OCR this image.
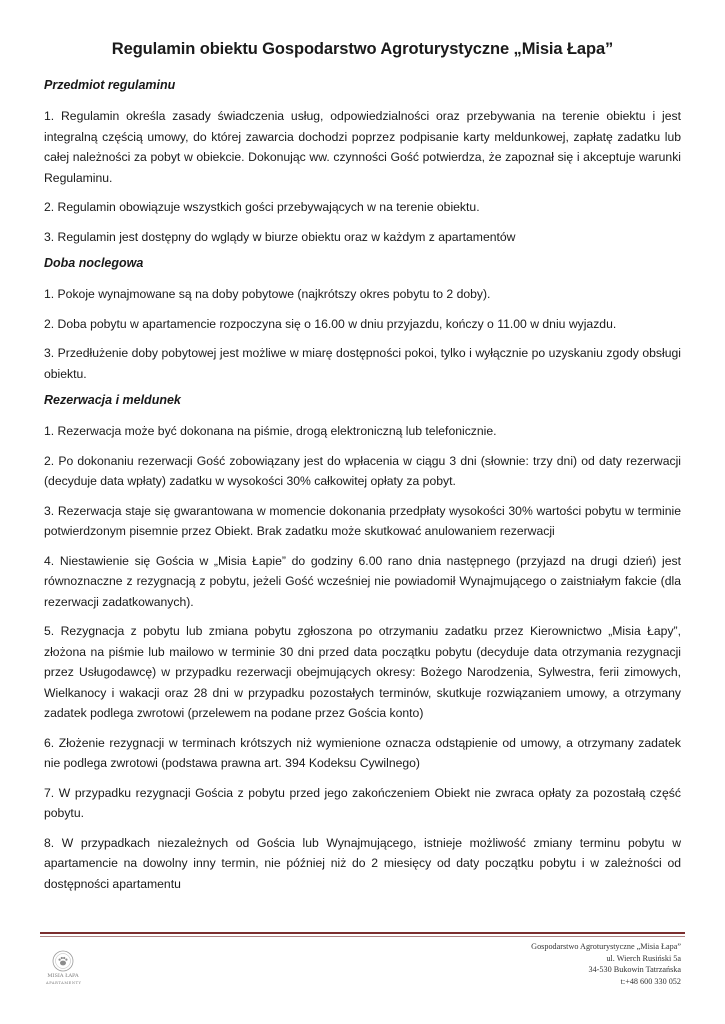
Regulamin obiektu Gospodarstwo Agroturystyczne „Misia Łapa”
Przedmiot regulaminu

1. Regulamin określa zasady świadczenia usług, odpowiedzialności oraz przebywania na terenie obiektu i jest integralną częścią umowy, do której zawarcia dochodzi poprzez podpisanie karty meldunkowej, zapłatę zadatku lub całej należności za pobyt w obiekcie. Dokonując ww. czynności Gość potwierdza, że zapoznał się i akceptuje warunki Regulaminu.

2. Regulamin obowiązuje wszystkich gości przebywających w na terenie obiektu.

3. Regulamin jest dostępny do wglądy w biurze obiektu oraz w każdym z apartamentów

Doba noclegowa

1. Pokoje wynajmowane są na doby pobytowe (najkrótszy okres pobytu to 2 doby).

2. Doba pobytu w apartamencie rozpoczyna się o 16.00 w dniu przyjazdu, kończy o 11.00 w dniu wyjazdu.

3. Przedłużenie doby pobytowej jest możliwe w miarę dostępności pokoi, tylko i wyłącznie po uzyskaniu zgody obsługi obiektu.

Rezerwacja i meldunek

1. Rezerwacja może być dokonana na piśmie, drogą elektroniczną lub telefonicznie.

2. Po dokonaniu rezerwacji Gość zobowiązany jest do wpłacenia w ciągu 3 dni (słownie: trzy dni) od daty rezerwacji (decyduje data wpłaty) zadatku w wysokości 30% całkowitej opłaty za pobyt.

3. Rezerwacja staje się gwarantowana w momencie dokonania przedpłaty wysokości 30% wartości pobytu w terminie potwierdzonym pisemnie przez Obiekt. Brak zadatku może skutkować anulowaniem rezerwacji

4. Niestawienie się Gościa w „Misia Łapie” do godziny 6.00 rano dnia następnego (przyjazd na drugi dzień) jest równoznaczne z rezygnacją z pobytu, jeżeli Gość wcześniej nie powiadomił Wynajmującego o zaistniałym fakcie (dla rezerwacji zadatkowanych).

5. Rezygnacja z pobytu lub zmiana pobytu zgłoszona po otrzymaniu zadatku przez Kierownictwo „Misia Łapy”, złożona na piśmie lub mailowo w terminie 30 dni przed data początku pobytu (decyduje data otrzymania rezygnacji przez Usługodawcę) w przypadku rezerwacji obejmujących okresy: Bożego Narodzenia, Sylwestra, ferii zimowych, Wielkanocy i wakacji oraz 28 dni w przypadku pozostałych terminów, skutkuje rozwiązaniem umowy, a otrzymany zadatek podlega zwrotowi (przelewem na podane przez Gościa konto)

6. Złożenie rezygnacji w terminach krótszych niż wymienione oznacza odstąpienie od umowy, a otrzymany zadatek nie podlega zwrotowi (podstawa prawna art. 394 Kodeksu Cywilnego)

7. W przypadku rezygnacji Gościa z pobytu przed jego zakończeniem Obiekt nie zwraca opłaty za pozostałą część pobytu.

8. W przypadkach niezależnych od Gościa lub Wynajmującego, istnieje możliwość zmiany terminu pobytu w apartamencie na dowolny inny termin, nie później niż do 2 miesięcy od daty początku pobytu i w zależności od dostępności apartamentu

MISIA ŁAPA
APARTAMENTY
Gospodarstwo Agroturystyczne „Misia Łapa”
ul. Wierch Rusiński 5a
34-530 Bukowin Tatrzańska
t:+48 600 330 052
